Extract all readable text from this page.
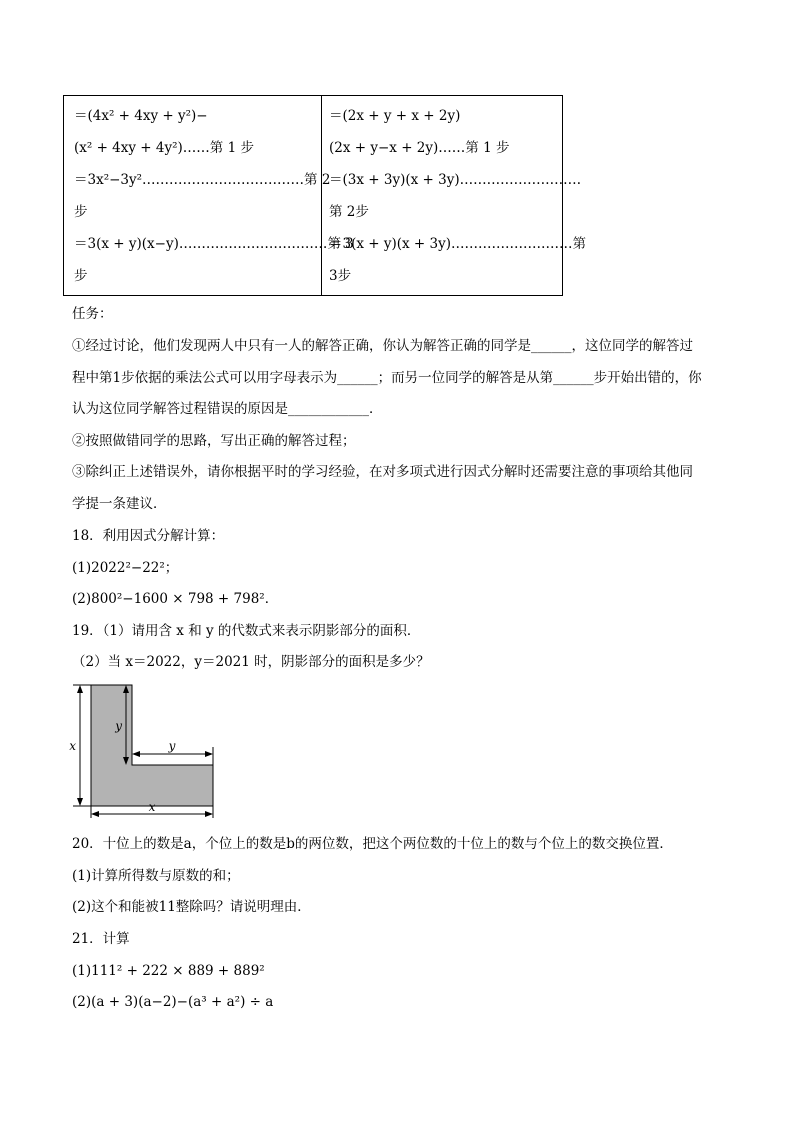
＝(4x² + 4xy + y²)−
(x² + 4xy + 4y²)……第 1 步
＝3x²−3y²………………………………第 2
步
＝3(x + y)(x−y)……………………………第 3
步
＝(2x + y + x + 2y)
(2x + y−x + 2y)……第 1 步
＝(3x + 3y)(x + 3y)………………………
第 2步
＝3(x + y)(x + 3y)………………………第
3步
任务：
①经过讨论，他们发现两人中只有一人的解答正确，你认为解答正确的同学是______，这位同学的解答过
程中第1步依据的乘法公式可以用字母表示为______；而另一位同学的解答是从第______步开始出错的，你
认为这位同学解答过程错误的原因是____________．
②按照做错同学的思路，写出正确的解答过程；
③除纠正上述错误外，请你根据平时的学习经验，在对多项式进行因式分解时还需要注意的事项给其他同
学提一条建议．
18．利用因式分解计算：
(1)2022²−22²；
(2)800²−1600 × 798 + 798²．
19．（1）请用含 x 和 y 的代数式来表示阴影部分的面积．
（2）当 x＝2022，y＝2021 时，阴影部分的面积是多少？
x
y
y
x
20．十位上的数是a，个位上的数是b的两位数，把这个两位数的十位上的数与个位上的数交换位置．
(1)计算所得数与原数的和；
(2)这个和能被11整除吗？请说明理由．
21．计算
(1)111² + 222 × 889 + 889²
(2)(a + 3)(a−2)−(a³ + a²) ÷ a
